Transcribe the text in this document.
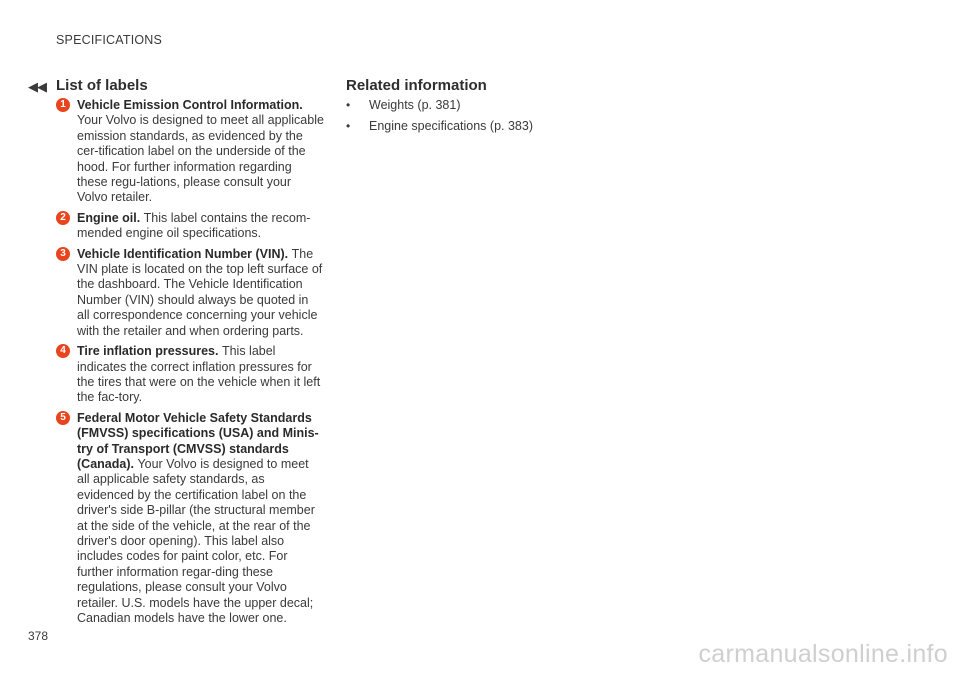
SPECIFICATIONS
◀◀ List of labels
1 Vehicle Emission Control Information. Your Volvo is designed to meet all applicable emission standards, as evidenced by the cer-tification label on the underside of the hood. For further information regarding these regu-lations, please consult your Volvo retailer.
2 Engine oil. This label contains the recom-mended engine oil specifications.
3 Vehicle Identification Number (VIN). The VIN plate is located on the top left surface of the dashboard. The Vehicle Identification Number (VIN) should always be quoted in all correspondence concerning your vehicle with the retailer and when ordering parts.
4 Tire inflation pressures. This label indicates the correct inflation pressures for the tires that were on the vehicle when it left the fac-tory.
5 Federal Motor Vehicle Safety Standards (FMVSS) specifications (USA) and Minis-try of Transport (CMVSS) standards (Canada). Your Volvo is designed to meet all applicable safety standards, as evidenced by the certification label on the driver's side B-pillar (the structural member at the side of the vehicle, at the rear of the driver's door opening). This label also includes codes for paint color, etc. For further information regar-ding these regulations, please consult your Volvo retailer. U.S. models have the upper decal; Canadian models have the lower one.
Related information
• Weights (p. 381)
• Engine specifications (p. 383)
378
carmanualsonline.info
